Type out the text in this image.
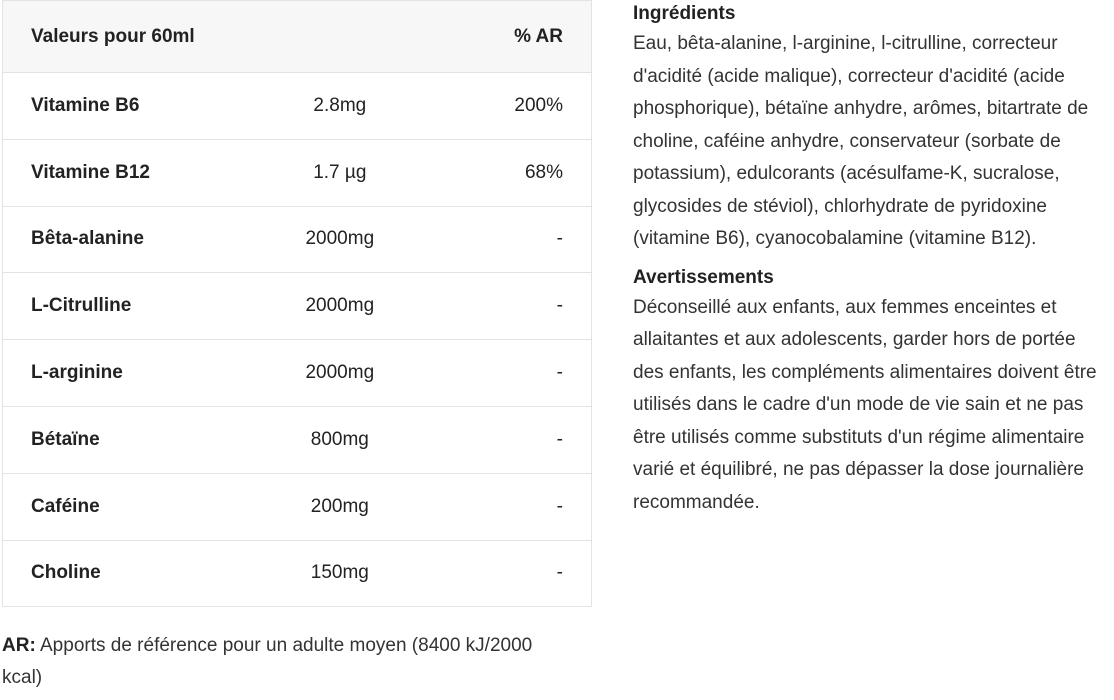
Valeurs pour 60ml		% AR
Vitamine B6	2.8mg	200%
Vitamine B12	1.7 µg	68%
Bêta-alanine	2000mg	-
L-Citrulline	2000mg	-
L-arginine	2000mg	-
Bétaïne	800mg	-
Caféine	200mg	-
Choline	150mg	-
AR: Apports de référence pour un adulte moyen (8400 kJ/2000 kcal)
Ingrédients

Eau, bêta-alanine, l-arginine, l-citrulline, correcteur d'acidité (acide malique), correcteur d'acidité (acide phosphorique), bétaïne anhydre, arômes, bitartrate de choline, caféine anhydre, conservateur (sorbate de potassium), edulcorants (acésulfame-K, sucralose, glycosides de stéviol), chlorhydrate de pyridoxine (vitamine B6), cyanocobalamine (vitamine B12).

Avertissements

Déconseillé aux enfants, aux femmes enceintes et allaitantes et aux adolescents, garder hors de portée des enfants, les compléments alimentaires doivent être utilisés dans le cadre d'un mode de vie sain et ne pas être utilisés comme substituts d'un régime alimentaire varié et équilibré, ne pas dépasser la dose journalière recommandée.
